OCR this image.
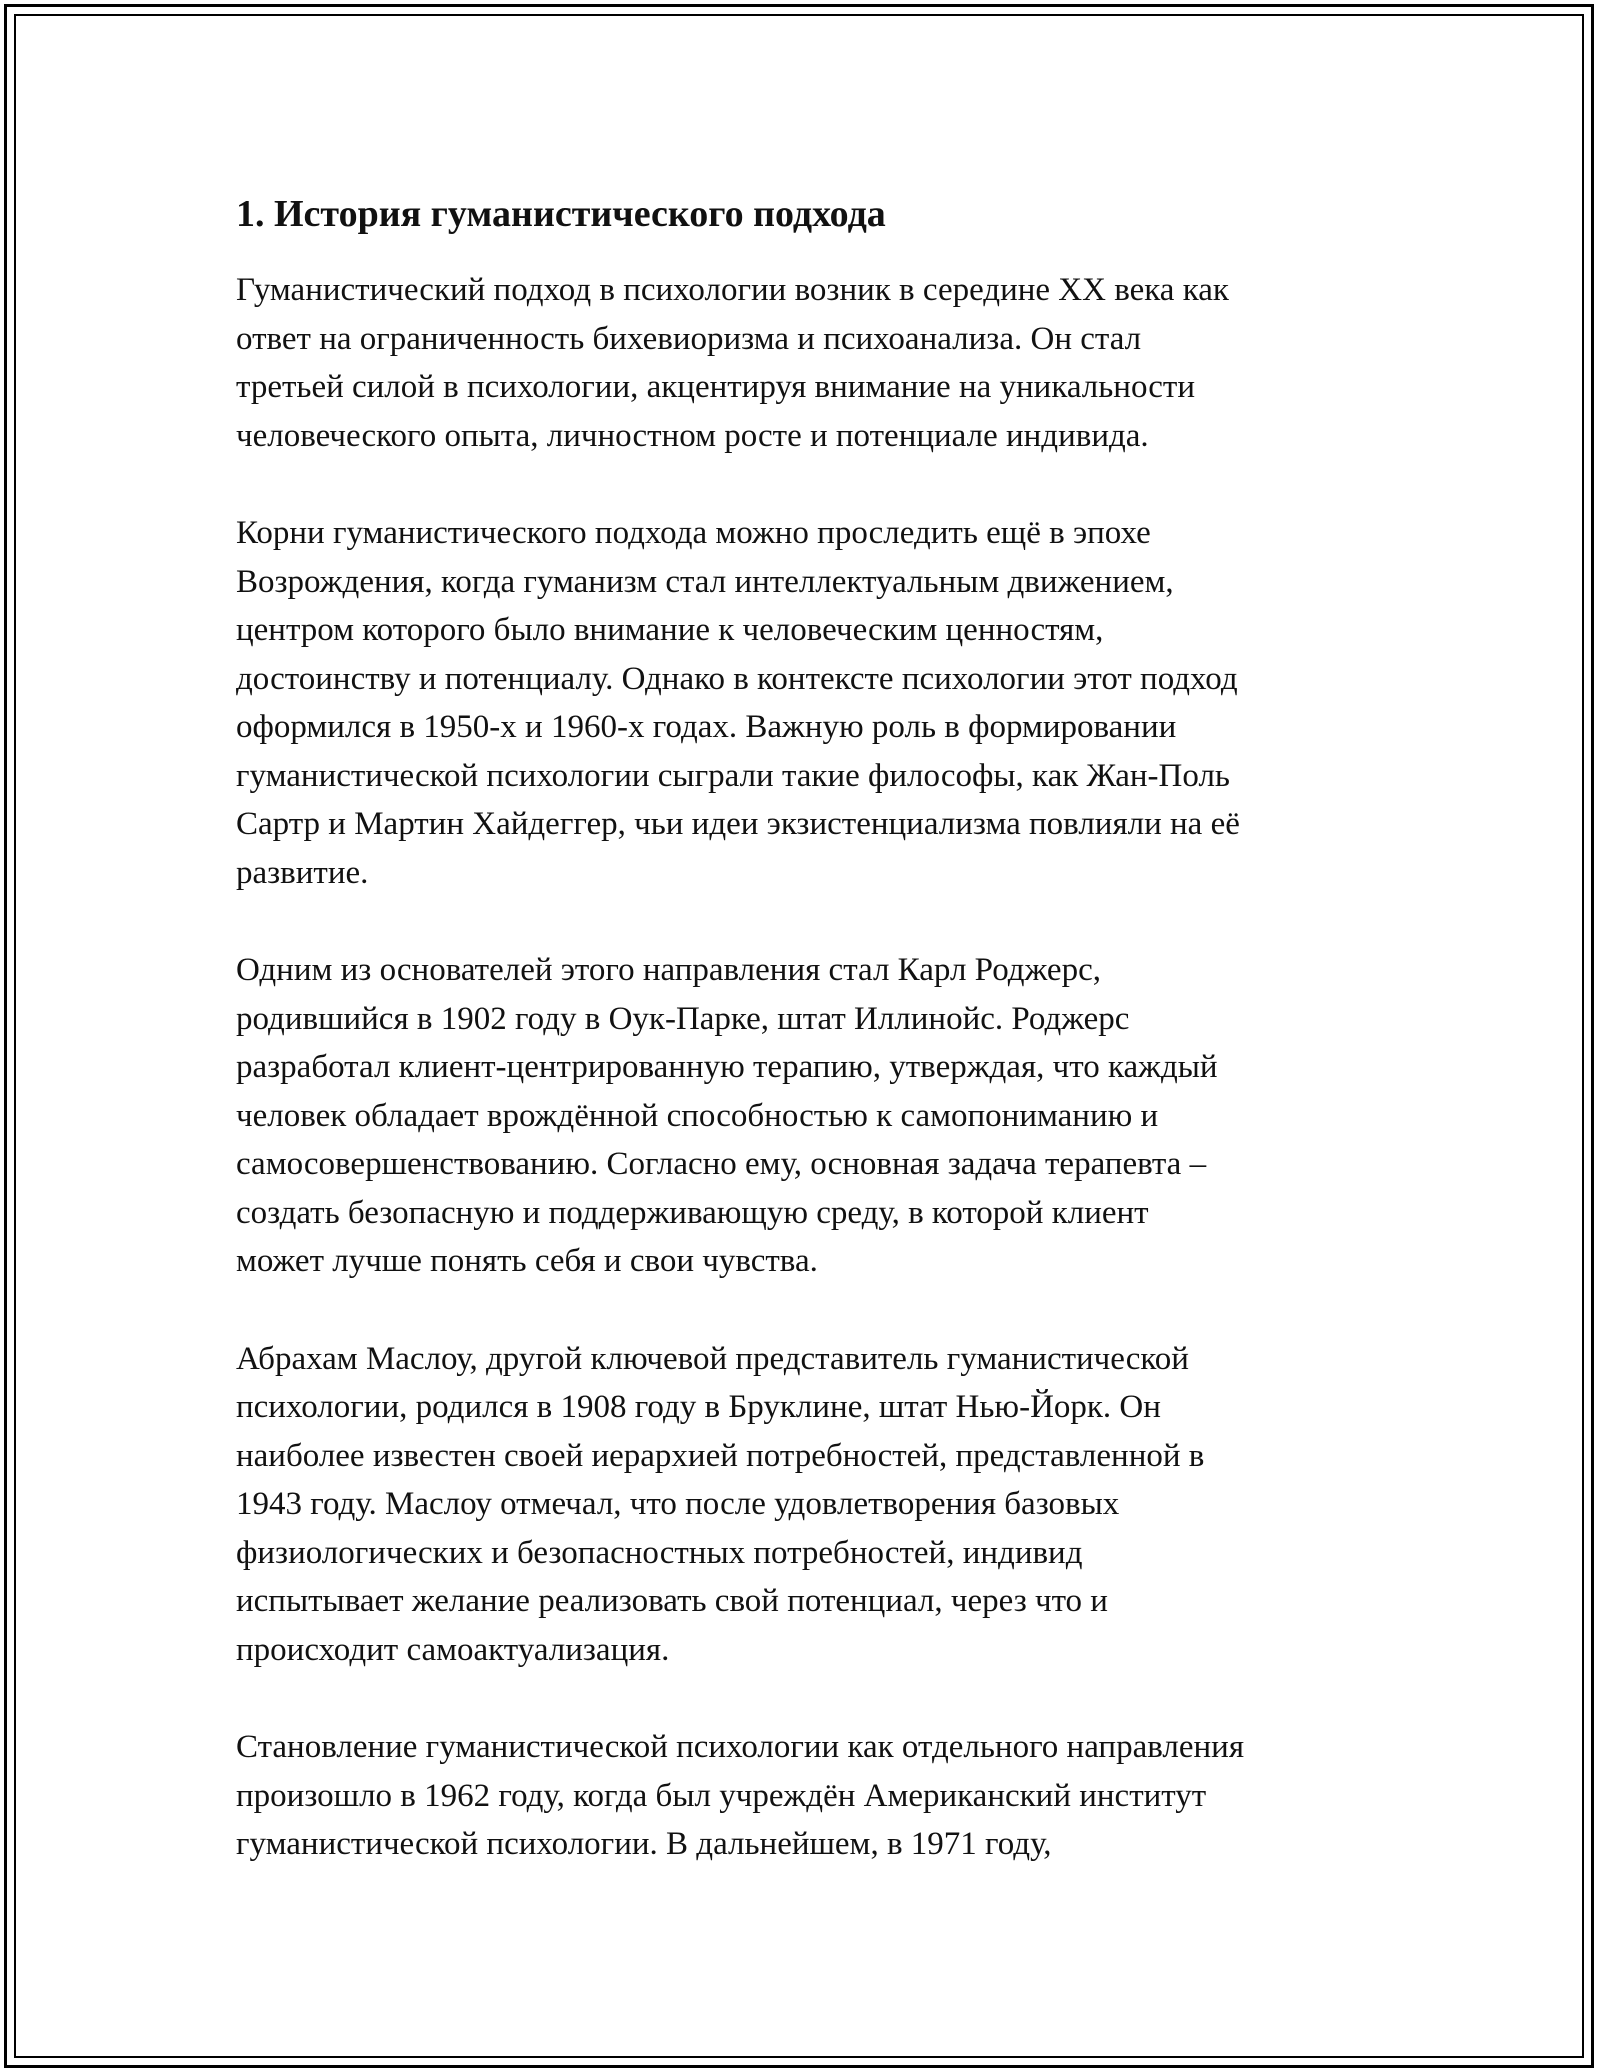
1. История гуманистического подхода

Гуманистический подход в психологии возник в середине XX века как
ответ на ограниченность бихевиоризма и психоанализа. Он стал
третьей силой в психологии, акцентируя внимание на уникальности
человеческого опыта, личностном росте и потенциале индивида.

Корни гуманистического подхода можно проследить ещё в эпохе
Возрождения, когда гуманизм стал интеллектуальным движением,
центром которого было внимание к человеческим ценностям,
достоинству и потенциалу. Однако в контексте психологии этот подход
оформился в 1950-х и 1960-х годах. Важную роль в формировании
гуманистической психологии сыграли такие философы, как Жан-Поль
Сартр и Мартин Хайдеггер, чьи идеи экзистенциализма повлияли на её
развитие.

Одним из основателей этого направления стал Карл Роджерс,
родившийся в 1902 году в Оук-Парке, штат Иллинойс. Роджерс
разработал клиент-центрированную терапию, утверждая, что каждый
человек обладает врождённой способностью к самопониманию и
самосовершенствованию. Согласно ему, основная задача терапевта –
создать безопасную и поддерживающую среду, в которой клиент
может лучше понять себя и свои чувства.

Абрахам Маслоу, другой ключевой представитель гуманистической
психологии, родился в 1908 году в Бруклине, штат Нью-Йорк. Он
наиболее известен своей иерархией потребностей, представленной в
1943 году. Маслоу отмечал, что после удовлетворения базовых
физиологических и безопасностных потребностей, индивид
испытывает желание реализовать свой потенциал, через что и
происходит самоактуализация.

Становление гуманистической психологии как отдельного направления
произошло в 1962 году, когда был учреждён Американский институт
гуманистической психологии. В дальнейшем, в 1971 году,
